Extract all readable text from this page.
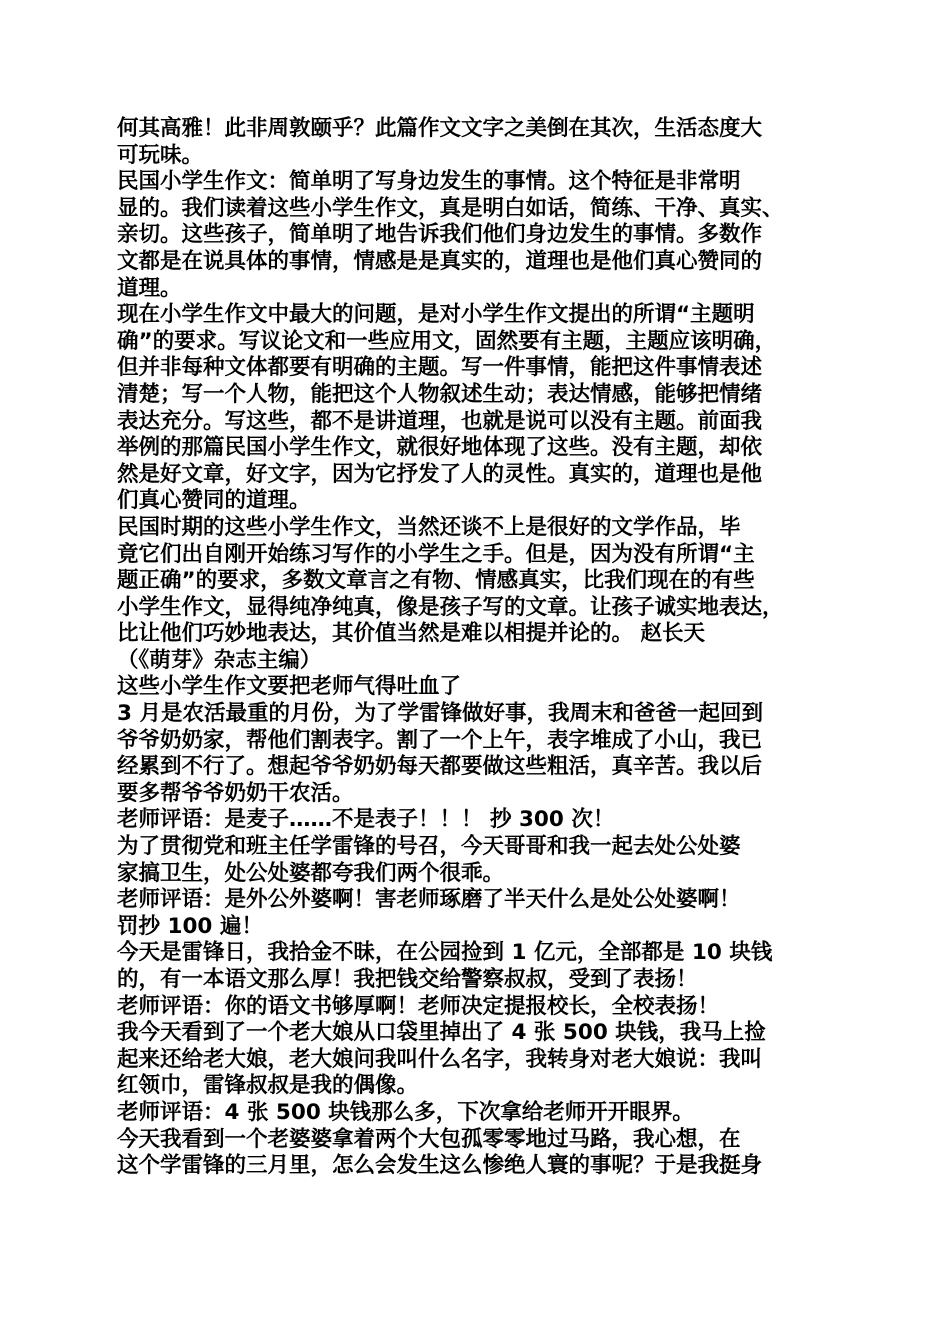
何其高雅！此非周敦颐乎？此篇作文文字之美倒在其次，生活态度大
可玩味。
民国小学生作文：简单明了写身边发生的事情。这个特征是非常明
显的。我们读着这些小学生作文，真是明白如话，简练、干净、真实、
亲切。这些孩子，简单明了地告诉我们他们身边发生的事情。多数作
文都是在说具体的事情，情感是是真实的，道理也是他们真心赞同的
道理。
现在小学生作文中最大的问题，是对小学生作文提出的所谓“主题明
确”的要求。写议论文和一些应用文，固然要有主题，主题应该明确，
但并非每种文体都要有明确的主题。写一件事情，能把这件事情表述
清楚；写一个人物，能把这个人物叙述生动；表达情感，能够把情绪
表达充分。写这些，都不是讲道理，也就是说可以没有主题。前面我
举例的那篇民国小学生作文，就很好地体现了这些。没有主题，却依
然是好文章，好文字，因为它抒发了人的灵性。真实的，道理也是他
们真心赞同的道理。
民国时期的这些小学生作文，当然还谈不上是很好的文学作品，毕
竟它们出自刚开始练习写作的小学生之手。但是，因为没有所谓“主
题正确”的要求，多数文章言之有物、情感真实，比我们现在的有些
小学生作文，显得纯净纯真，像是孩子写的文章。让孩子诚实地表达，
比让他们巧妙地表达，其价值当然是难以相提并论的。 赵长天
（《萌芽》杂志主编）
这些小学生作文要把老师气得吐血了
3 月是农活最重的月份，为了学雷锋做好事，我周末和爸爸一起回到
爷爷奶奶家，帮他们割表字。割了一个上午，表字堆成了小山，我已
经累到不行了。想起爷爷奶奶每天都要做这些粗活，真辛苦。我以后
要多帮爷爷奶奶干农活。
老师评语：是麦子……不是表子！！！ 抄 300 次！
为了贯彻党和班主任学雷锋的号召，今天哥哥和我一起去处公处婆
家搞卫生，处公处婆都夸我们两个很乖。
老师评语：是外公外婆啊！害老师琢磨了半天什么是处公处婆啊！
罚抄 100 遍！
今天是雷锋日，我拾金不昧，在公园捡到 1 亿元，全部都是 10 块钱
的，有一本语文那么厚！我把钱交给警察叔叔，受到了表扬！
老师评语：你的语文书够厚啊！老师决定提报校长，全校表扬！
我今天看到了一个老大娘从口袋里掉出了 4 张 500 块钱，我马上捡
起来还给老大娘，老大娘问我叫什么名字，我转身对老大娘说：我叫
红领巾，雷锋叔叔是我的偶像。
老师评语：4 张 500 块钱那么多，下次拿给老师开开眼界。
今天我看到一个老婆婆拿着两个大包孤零零地过马路，我心想，在
这个学雷锋的三月里，怎么会发生这么惨绝人寰的事呢？于是我挺身
